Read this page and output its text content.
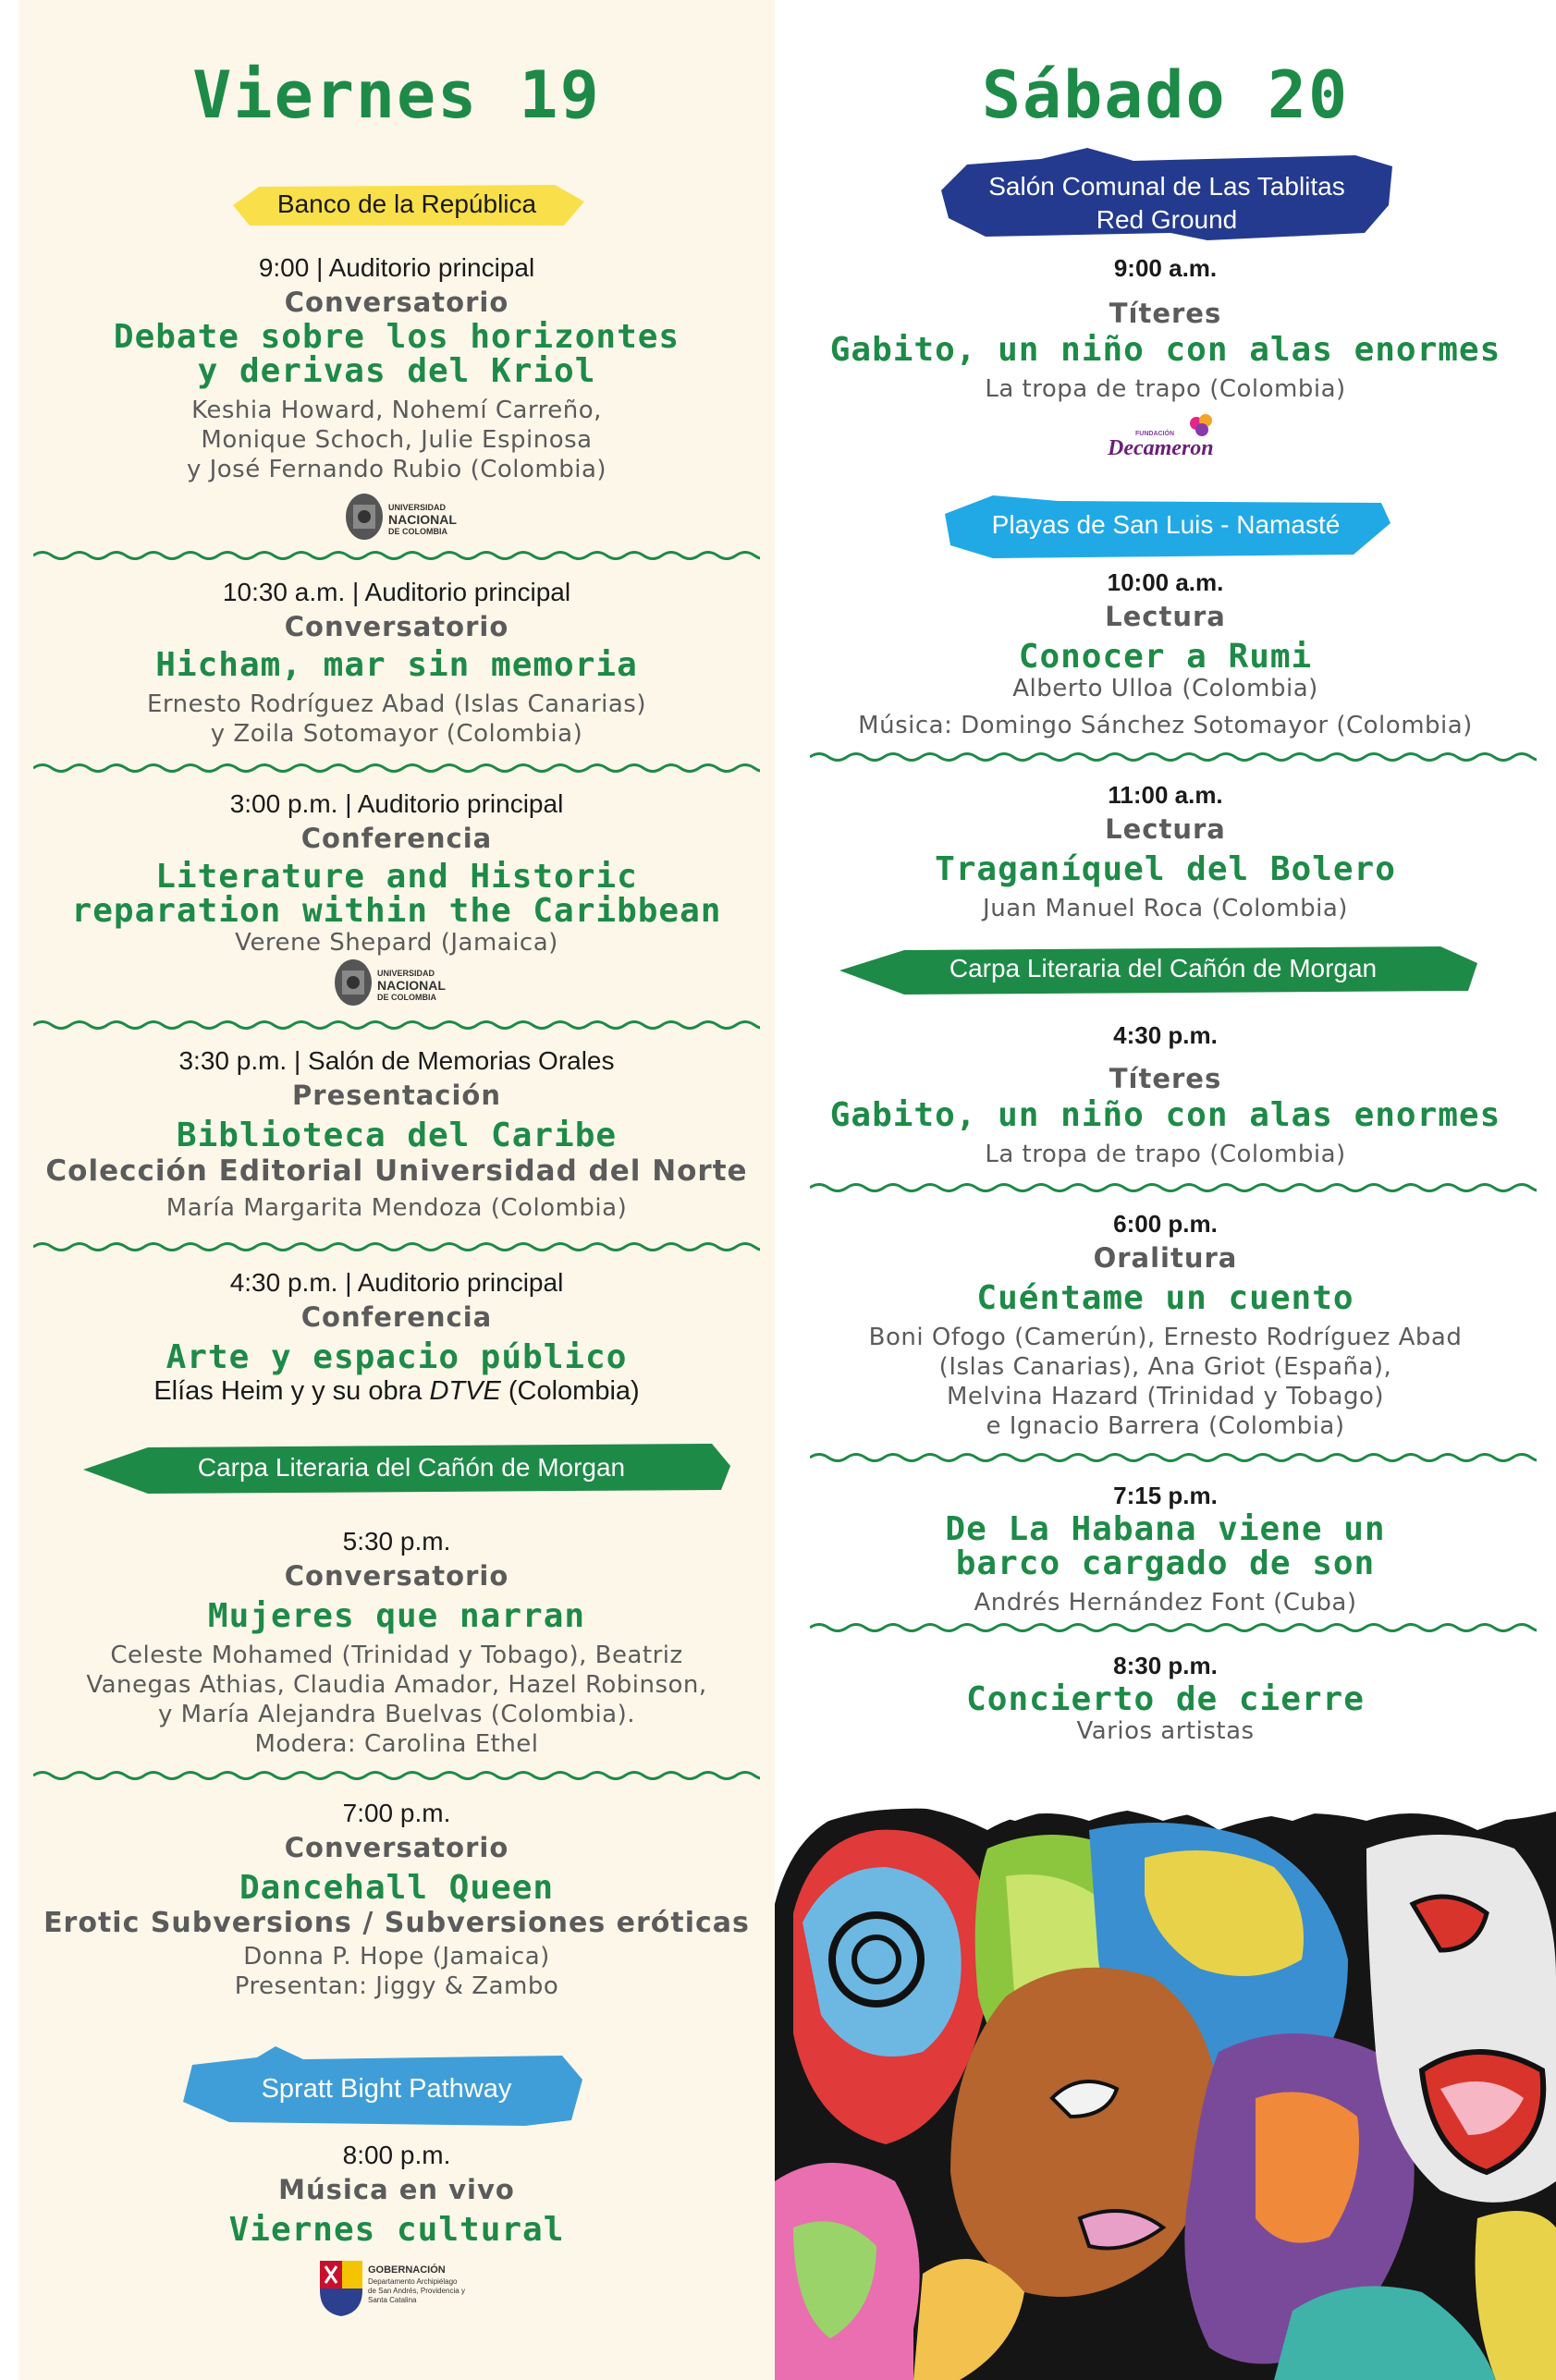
Viernes 19
Banco de la República
9:00 | Auditorio principal
Conversatorio
Debate sobre los horizontes
y derivas del Kriol
Keshia Howard, Nohemí Carreño,
Monique Schoch, Julie Espinosa
y José Fernando Rubio (Colombia)
UNIVERSIDAD
NACIONAL
DE COLOMBIA
10:30 a.m. | Auditorio principal
Conversatorio
Hicham, mar sin memoria
Ernesto Rodríguez Abad (Islas Canarias)
y Zoila Sotomayor (Colombia)
3:00 p.m. | Auditorio principal
Conferencia
Literature and Historic
reparation within the Caribbean
Verene Shepard (Jamaica)
UNIVERSIDAD
NACIONAL
DE COLOMBIA
3:30 p.m. | Salón de Memorias Orales
Presentación
Biblioteca del Caribe
Colección Editorial Universidad del Norte
María Margarita Mendoza (Colombia)
4:30 p.m. | Auditorio principal
Conferencia
Arte y espacio público
Elías Heim y y su obra DTVE (Colombia)
Carpa Literaria del Cañón de Morgan
5:30 p.m.
Conversatorio
Mujeres que narran
Celeste Mohamed (Trinidad y Tobago), Beatriz
Vanegas Athias, Claudia Amador, Hazel Robinson,
y María Alejandra Buelvas (Colombia).
Modera: Carolina Ethel
7:00 p.m.
Conversatorio
Dancehall Queen
Erotic Subversions / Subversiones eróticas
Donna P. Hope (Jamaica)
Presentan: Jiggy & Zambo
Spratt Bight Pathway
8:00 p.m.
Música en vivo
Viernes cultural
GOBERNACIÓN
Departamento Archipiélago
de San Andrés, Providencia y
Santa Catalina
Sábado 20
Salón Comunal de Las Tablitas
Red Ground
9:00 a.m.
Títeres
Gabito, un niño con alas enormes
La tropa de trapo (Colombia)
FUNDACIÓN
Decameron
Playas de San Luis - Namasté
10:00 a.m.
Lectura
Conocer a Rumi
Alberto Ulloa (Colombia)
Música: Domingo Sánchez Sotomayor (Colombia)
11:00 a.m.
Lectura
Traganíquel del Bolero
Juan Manuel Roca (Colombia)
Carpa Literaria del Cañón de Morgan
4:30 p.m.
Títeres
Gabito, un niño con alas enormes
La tropa de trapo (Colombia)
6:00 p.m.
Oralitura
Cuéntame un cuento
Boni Ofogo (Camerún), Ernesto Rodríguez Abad
(Islas Canarias), Ana Griot (España),
Melvina Hazard (Trinidad y Tobago)
e Ignacio Barrera (Colombia)
7:15 p.m.
De La Habana viene un
barco cargado de son
Andrés Hernández Font (Cuba)
8:30 p.m.
Concierto de cierre
Varios artistas
